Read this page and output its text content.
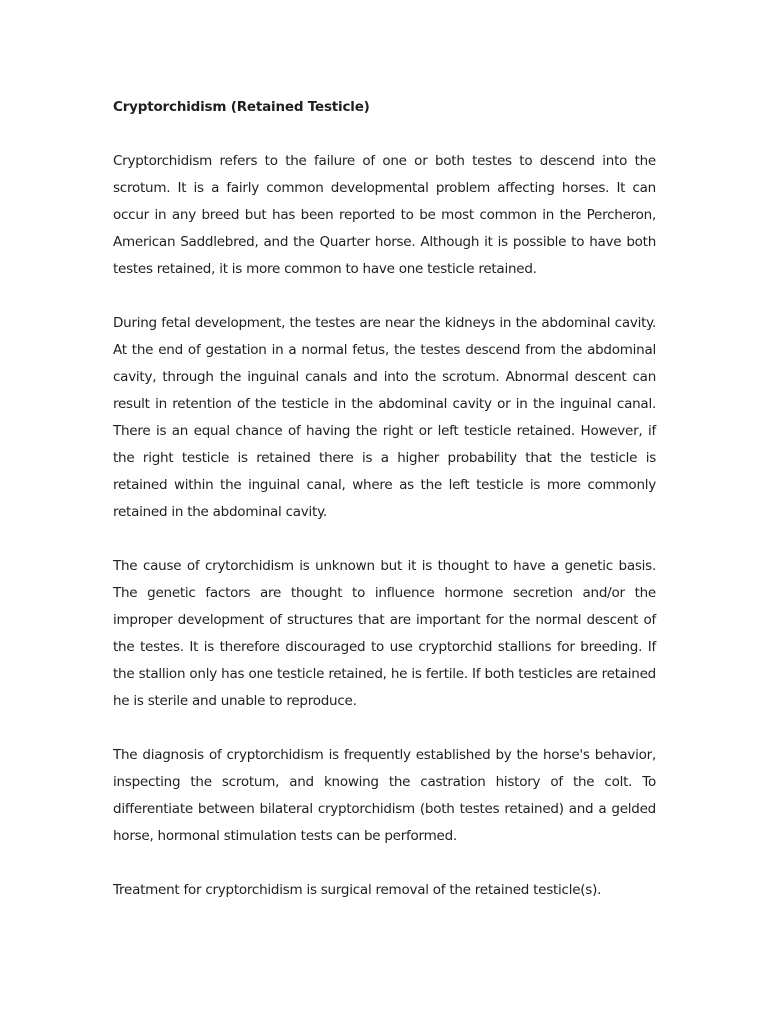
Cryptorchidism (Retained Testicle)

Cryptorchidism refers to the failure of one or both testes to descend into the scrotum. It is a fairly common developmental problem affecting horses. It can occur in any breed but has been reported to be most common in the Percheron, American Saddlebred, and the Quarter horse. Although it is possible to have both testes retained, it is more common to have one testicle retained.

During fetal development, the testes are near the kidneys in the abdominal cavity. At the end of gestation in a normal fetus, the testes descend from the abdominal cavity, through the inguinal canals and into the scrotum. Abnormal descent can result in retention of the testicle in the abdominal cavity or in the inguinal canal. There is an equal chance of having the right or left testicle retained. However, if the right testicle is retained there is a higher probability that the testicle is retained within the inguinal canal, where as the left testicle is more commonly retained in the abdominal cavity.

The cause of crytorchidism is unknown but it is thought to have a genetic basis. The genetic factors are thought to influence hormone secretion and/or the improper development of structures that are important for the normal descent of the testes. It is therefore discouraged to use cryptorchid stallions for breeding. If the stallion only has one testicle retained, he is fertile. If both testicles are retained he is sterile and unable to reproduce.

The diagnosis of cryptorchidism is frequently established by the horse's behavior, inspecting the scrotum, and knowing the castration history of the colt. To differentiate between bilateral cryptorchidism (both testes retained) and a gelded horse, hormonal stimulation tests can be performed.

Treatment for cryptorchidism is surgical removal of the retained testicle(s).
